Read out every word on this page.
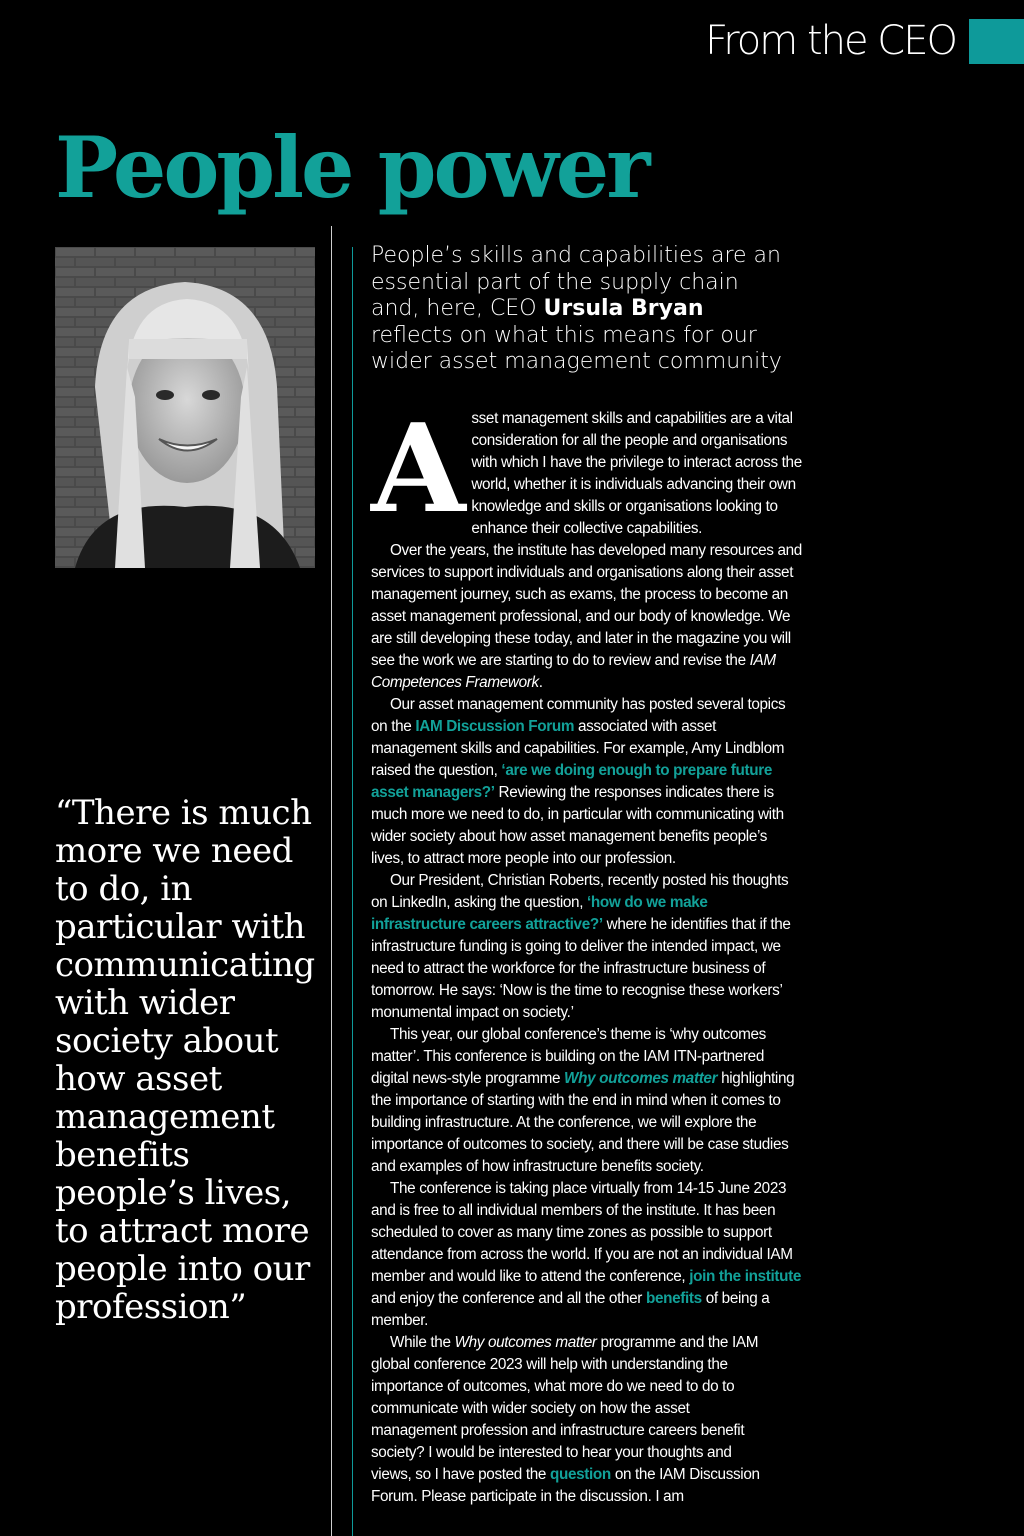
From the CEO
People power
“There is much more we need to do, in particular with communicating with wider society about how asset management benefits people’s lives, to attract more people into our profession”
People’s skills and capabilities are an essential part of the supply chain and, here, CEO Ursula Bryan reflects on what this means for our wider asset management community

Asset management skills and capabilities are a vital consideration for all the people and organisations with which I have the privilege to interact across the world, whether it is individuals advancing their own knowledge and skills or organisations looking to enhance their collective capabilities.

Over the years, the institute has developed many resources and services to support individuals and organisations along their asset management journey, such as exams, the process to become an asset management professional, and our body of knowledge. We are still developing these today, and later in the magazine you will see the work we are starting to do to review and revise the IAM Competences Framework.

Our asset management community has posted several topics on the IAM Discussion Forum associated with asset management skills and capabilities. For example, Amy Lindblom raised the question, ‘are we doing enough to prepare future asset managers?’ Reviewing the responses indicates there is much more we need to do, in particular with communicating with wider society about how asset management benefits people’s lives, to attract more people into our profession.

Our President, Christian Roberts, recently posted his thoughts on LinkedIn, asking the question, ‘how do we make infrastructure careers attractive?’ where he identifies that if the infrastructure funding is going to deliver the intended impact, we need to attract the workforce for the infrastructure business of tomorrow. He says: ‘Now is the time to recognise these workers’ monumental impact on society.’

This year, our global conference’s theme is ‘why outcomes matter’. This conference is building on the IAM ITN-partnered digital news-style programme Why outcomes matter highlighting the importance of starting with the end in mind when it comes to building infrastructure. At the conference, we will explore the importance of outcomes to society, and there will be case studies and examples of how infrastructure benefits society.

The conference is taking place virtually from 14-15 June 2023 and is free to all individual members of the institute. It has been scheduled to cover as many time zones as possible to support attendance from across the world. If you are not an individual IAM member and would like to attend the conference, join the institute and enjoy the conference and all the other benefits of being a member.

While the Why outcomes matter programme and the IAM global conference 2023 will help with understanding the importance of outcomes, what more do we need to do to communicate with wider society on how the asset management profession and infrastructure careers benefit society? I would be interested to hear your thoughts and views, so I have posted the question on the IAM Discussion Forum. Please participate in the discussion. I am
